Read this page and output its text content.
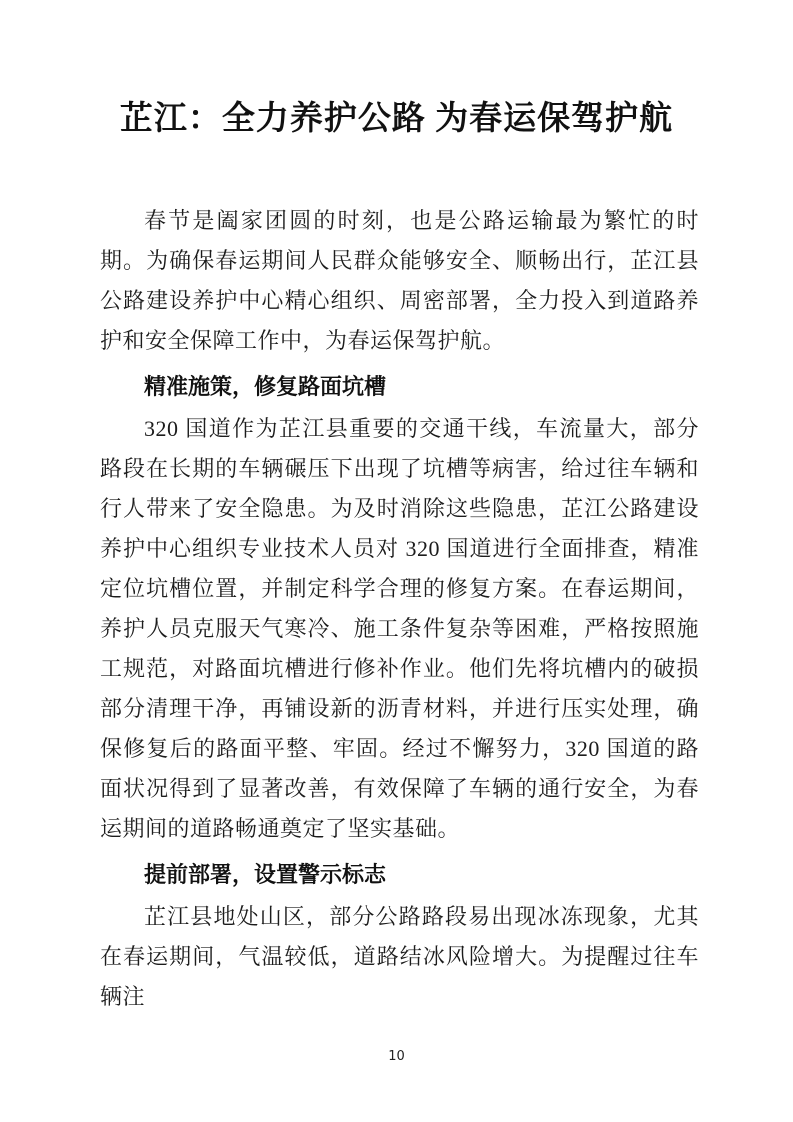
芷江：全力养护公路 为春运保驾护航

春节是阖家团圆的时刻，也是公路运输最为繁忙的时期。为确保春运期间人民群众能够安全、顺畅出行，芷江县公路建设养护中心精心组织、周密部署，全力投入到道路养护和安全保障工作中，为春运保驾护航。

精准施策，修复路面坑槽

320 国道作为芷江县重要的交通干线，车流量大，部分路段在长期的车辆碾压下出现了坑槽等病害，给过往车辆和行人带来了安全隐患。为及时消除这些隐患，芷江公路建设养护中心组织专业技术人员对 320 国道进行全面排查，精准定位坑槽位置，并制定科学合理的修复方案。在春运期间，养护人员克服天气寒冷、施工条件复杂等困难，严格按照施工规范，对路面坑槽进行修补作业。他们先将坑槽内的破损部分清理干净，再铺设新的沥青材料，并进行压实处理，确保修复后的路面平整、牢固。经过不懈努力，320 国道的路面状况得到了显著改善，有效保障了车辆的通行安全，为春运期间的道路畅通奠定了坚实基础。

提前部署，设置警示标志

芷江县地处山区，部分公路路段易出现冰冻现象，尤其在春运期间，气温较低，道路结冰风险增大。为提醒过往车辆注

10
